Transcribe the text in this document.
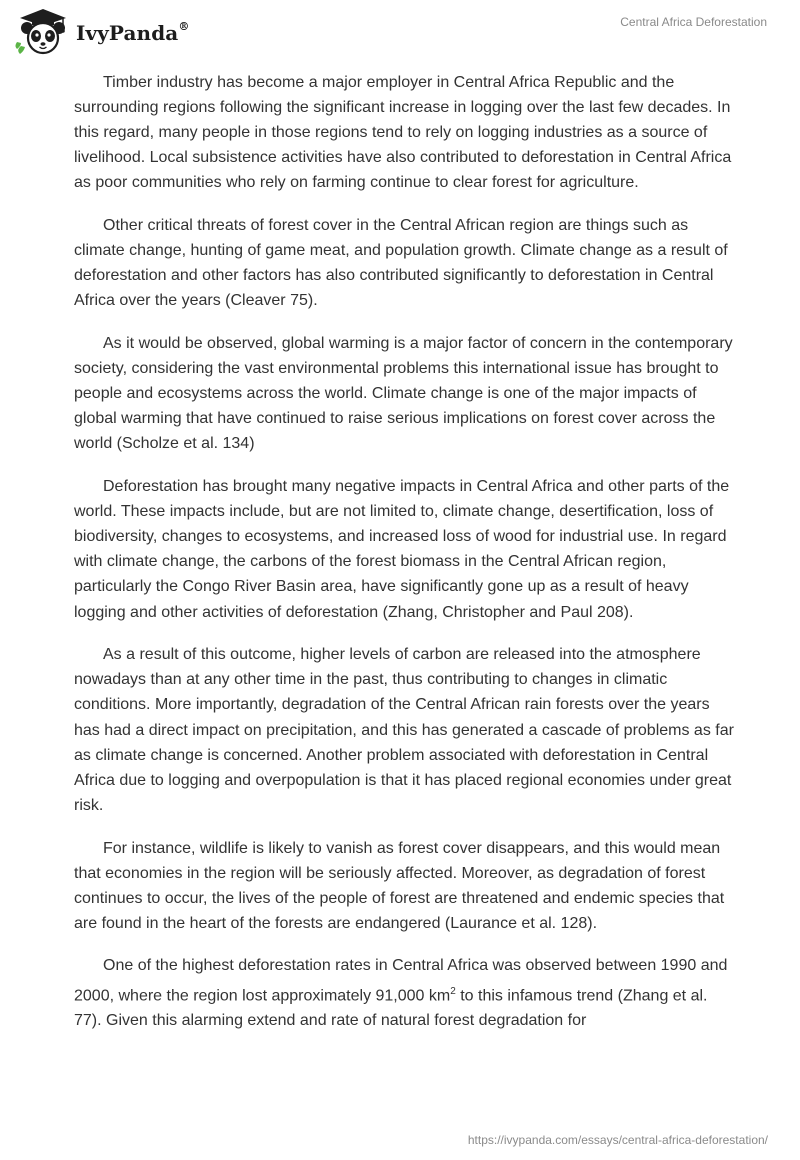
IvyPanda®	Central Africa Deforestation

Timber industry has become a major employer in Central Africa Republic and the surrounding regions following the significant increase in logging over the last few decades. In this regard, many people in those regions tend to rely on logging industries as a source of livelihood. Local subsistence activities have also contributed to deforestation in Central Africa as poor communities who rely on farming continue to clear forest for agriculture.

Other critical threats of forest cover in the Central African region are things such as climate change, hunting of game meat, and population growth. Climate change as a result of deforestation and other factors has also contributed significantly to deforestation in Central Africa over the years (Cleaver 75).

As it would be observed, global warming is a major factor of concern in the contemporary society, considering the vast environmental problems this international issue has brought to people and ecosystems across the world. Climate change is one of the major impacts of global warming that have continued to raise serious implications on forest cover across the world (Scholze et al. 134)

Deforestation has brought many negative impacts in Central Africa and other parts of the world. These impacts include, but are not limited to, climate change, desertification, loss of biodiversity, changes to ecosystems, and increased loss of wood for industrial use. In regard with climate change, the carbons of the forest biomass in the Central African region, particularly the Congo River Basin area, have significantly gone up as a result of heavy logging and other activities of deforestation (Zhang, Christopher and Paul 208).

As a result of this outcome, higher levels of carbon are released into the atmosphere nowadays than at any other time in the past, thus contributing to changes in climatic conditions. More importantly, degradation of the Central African rain forests over the years has had a direct impact on precipitation, and this has generated a cascade of problems as far as climate change is concerned. Another problem associated with deforestation in Central Africa due to logging and overpopulation is that it has placed regional economies under great risk.

For instance, wildlife is likely to vanish as forest cover disappears, and this would mean that economies in the region will be seriously affected. Moreover, as degradation of forest continues to occur, the lives of the people of forest are threatened and endemic species that are found in the heart of the forests are endangered (Laurance et al. 128).

One of the highest deforestation rates in Central Africa was observed between 1990 and 2000, where the region lost approximately 91,000 $km^2$ to this infamous trend (Zhang et al. 77). Given this alarming extend and rate of natural forest degradation for

https://ivypanda.com/essays/central-africa-deforestation/
